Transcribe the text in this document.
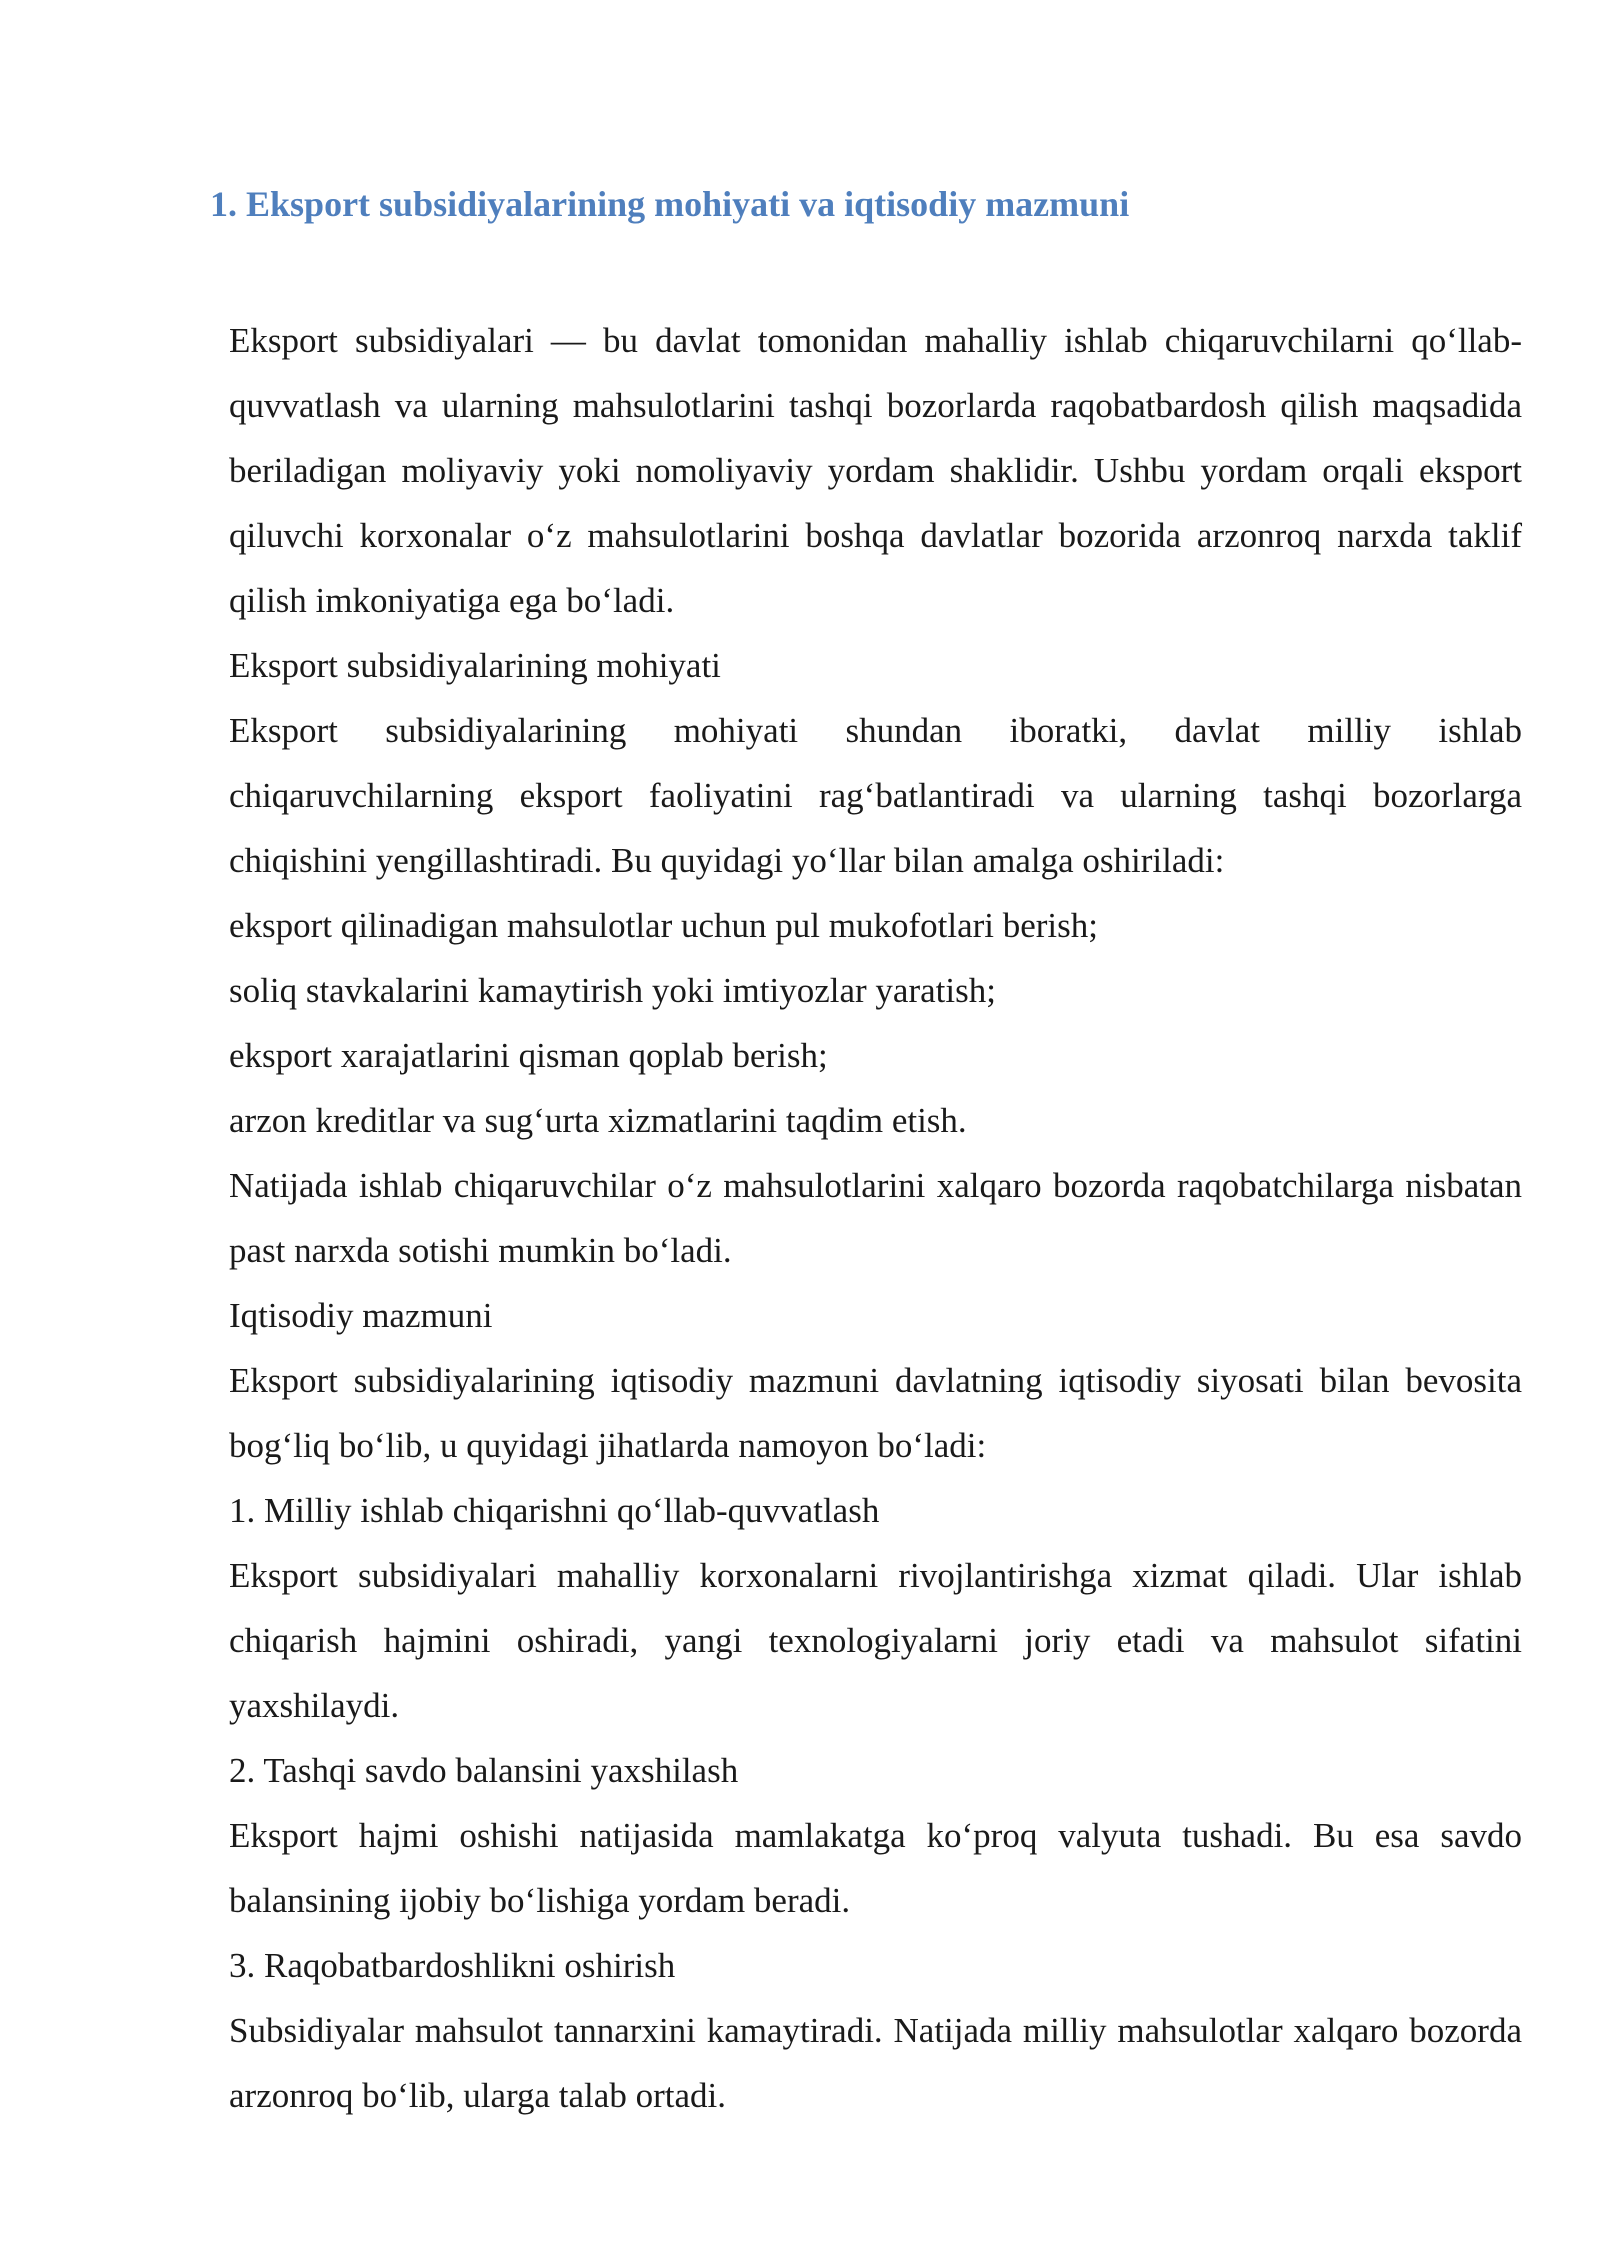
1. Eksport subsidiyalarining mohiyati va iqtisodiy mazmuni

Eksport subsidiyalari — bu davlat tomonidan mahalliy ishlab chiqaruvchilarni qo‘llab-quvvatlash va ularning mahsulotlarini tashqi bozorlarda raqobatbardosh qilish maqsadida beriladigan moliyaviy yoki nomoliyaviy yordam shaklidir. Ushbu yordam orqali eksport qiluvchi korxonalar o‘z mahsulotlarini boshqa davlatlar bozorida arzonroq narxda taklif qilish imkoniyatiga ega bo‘ladi.

Eksport subsidiyalarining mohiyati

Eksport subsidiyalarining mohiyati shundan iboratki, davlat milliy ishlab chiqaruvchilarning eksport faoliyatini rag‘batlantiradi va ularning tashqi bozorlarga chiqishini yengillashtiradi. Bu quyidagi yo‘llar bilan amalga oshiriladi:

eksport qilinadigan mahsulotlar uchun pul mukofotlari berish;

soliq stavkalarini kamaytirish yoki imtiyozlar yaratish;

eksport xarajatlarini qisman qoplab berish;

arzon kreditlar va sug‘urta xizmatlarini taqdim etish.

Natijada ishlab chiqaruvchilar o‘z mahsulotlarini xalqaro bozorda raqobatchilarga nisbatan past narxda sotishi mumkin bo‘ladi.

Iqtisodiy mazmuni

Eksport subsidiyalarining iqtisodiy mazmuni davlatning iqtisodiy siyosati bilan bevosita bog‘liq bo‘lib, u quyidagi jihatlarda namoyon bo‘ladi:

1. Milliy ishlab chiqarishni qo‘llab-quvvatlash

Eksport subsidiyalari mahalliy korxonalarni rivojlantirishga xizmat qiladi. Ular ishlab chiqarish hajmini oshiradi, yangi texnologiyalarni joriy etadi va mahsulot sifatini yaxshilaydi.

2. Tashqi savdo balansini yaxshilash

Eksport hajmi oshishi natijasida mamlakatga ko‘proq valyuta tushadi. Bu esa savdo balansining ijobiy bo‘lishiga yordam beradi.

3. Raqobatbardoshlikni oshirish

Subsidiyalar mahsulot tannarxini kamaytiradi. Natijada milliy mahsulotlar xalqaro bozorda arzonroq bo‘lib, ularga talab ortadi.
